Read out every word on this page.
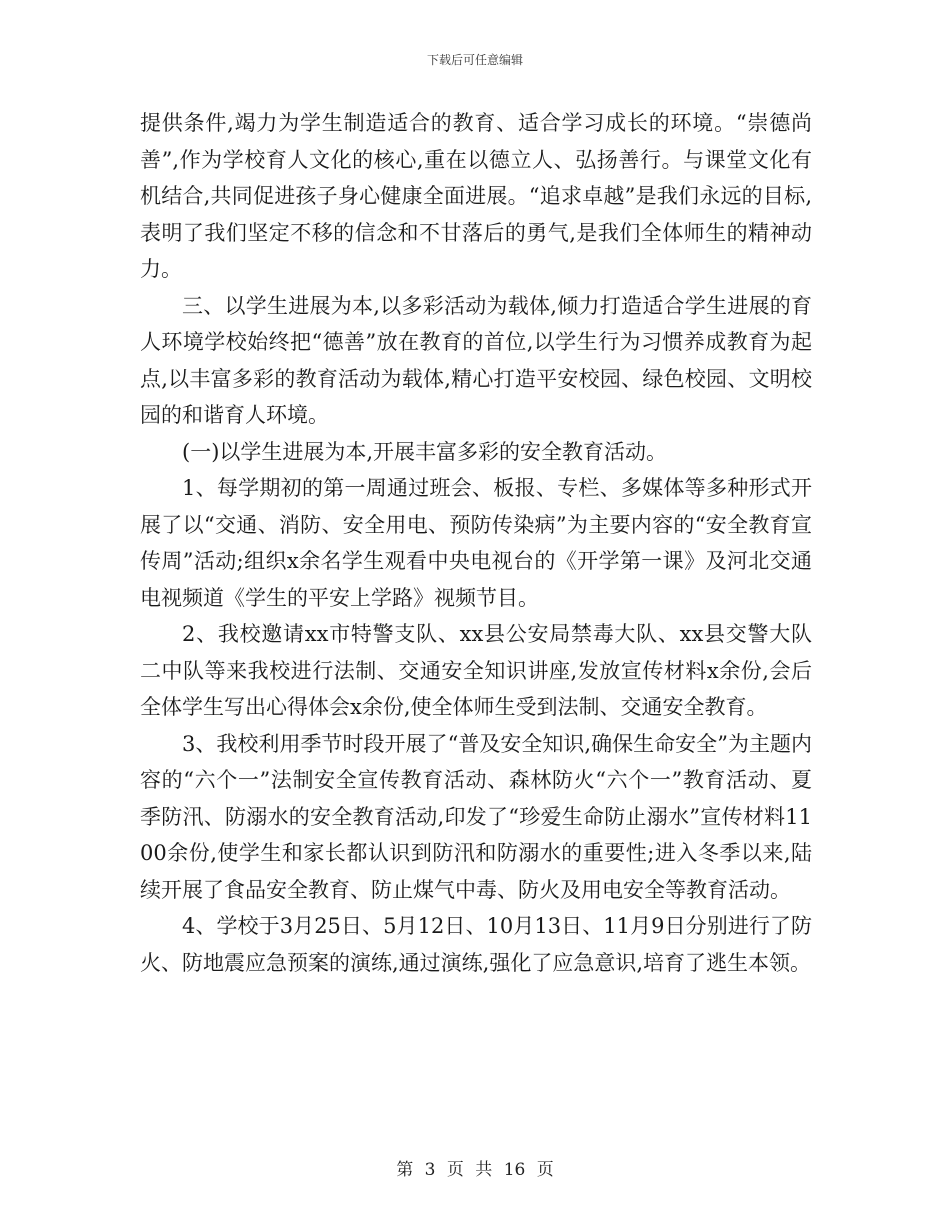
下载后可任意编辑

提供条件,竭力为学生制造适合的教育、适合学习成长的环境。“崇德尚善”,作为学校育人文化的核心,重在以德立人、弘扬善行。与课堂文化有机结合,共同促进孩子身心健康全面进展。“追求卓越”是我们永远的目标,表明了我们坚定不移的信念和不甘落后的勇气,是我们全体师生的精神动力。

三、以学生进展为本,以多彩活动为载体,倾力打造适合学生进展的育人环境学校始终把“德善”放在教育的首位,以学生行为习惯养成教育为起点,以丰富多彩的教育活动为载体,精心打造平安校园、绿色校园、文明校园的和谐育人环境。

(一)以学生进展为本,开展丰富多彩的安全教育活动。

1、每学期初的第一周通过班会、板报、专栏、多媒体等多种形式开展了以“交通、消防、安全用电、预防传染病”为主要内容的“安全教育宣传周”活动;组织x余名学生观看中央电视台的《开学第一课》及河北交通电视频道《学生的平安上学路》视频节目。

2、我校邀请xx市特警支队、xx县公安局禁毒大队、xx县交警大队二中队等来我校进行法制、交通安全知识讲座,发放宣传材料x余份,会后全体学生写出心得体会x余份,使全体师生受到法制、交通安全教育。

3、我校利用季节时段开展了“普及安全知识,确保生命安全”为主题内容的“六个一”法制安全宣传教育活动、森林防火“六个一”教育活动、夏季防汛、防溺水的安全教育活动,印发了“珍爱生命防止溺水”宣传材料1100余份,使学生和家长都认识到防汛和防溺水的重要性;进入冬季以来,陆续开展了食品安全教育、防止煤气中毒、防火及用电安全等教育活动。

4、学校于3月25日、5月12日、10月13日、11月9日分别进行了防火、防地震应急预案的演练,通过演练,强化了应急意识,培育了逃生本领。

第 3 页 共 16 页
